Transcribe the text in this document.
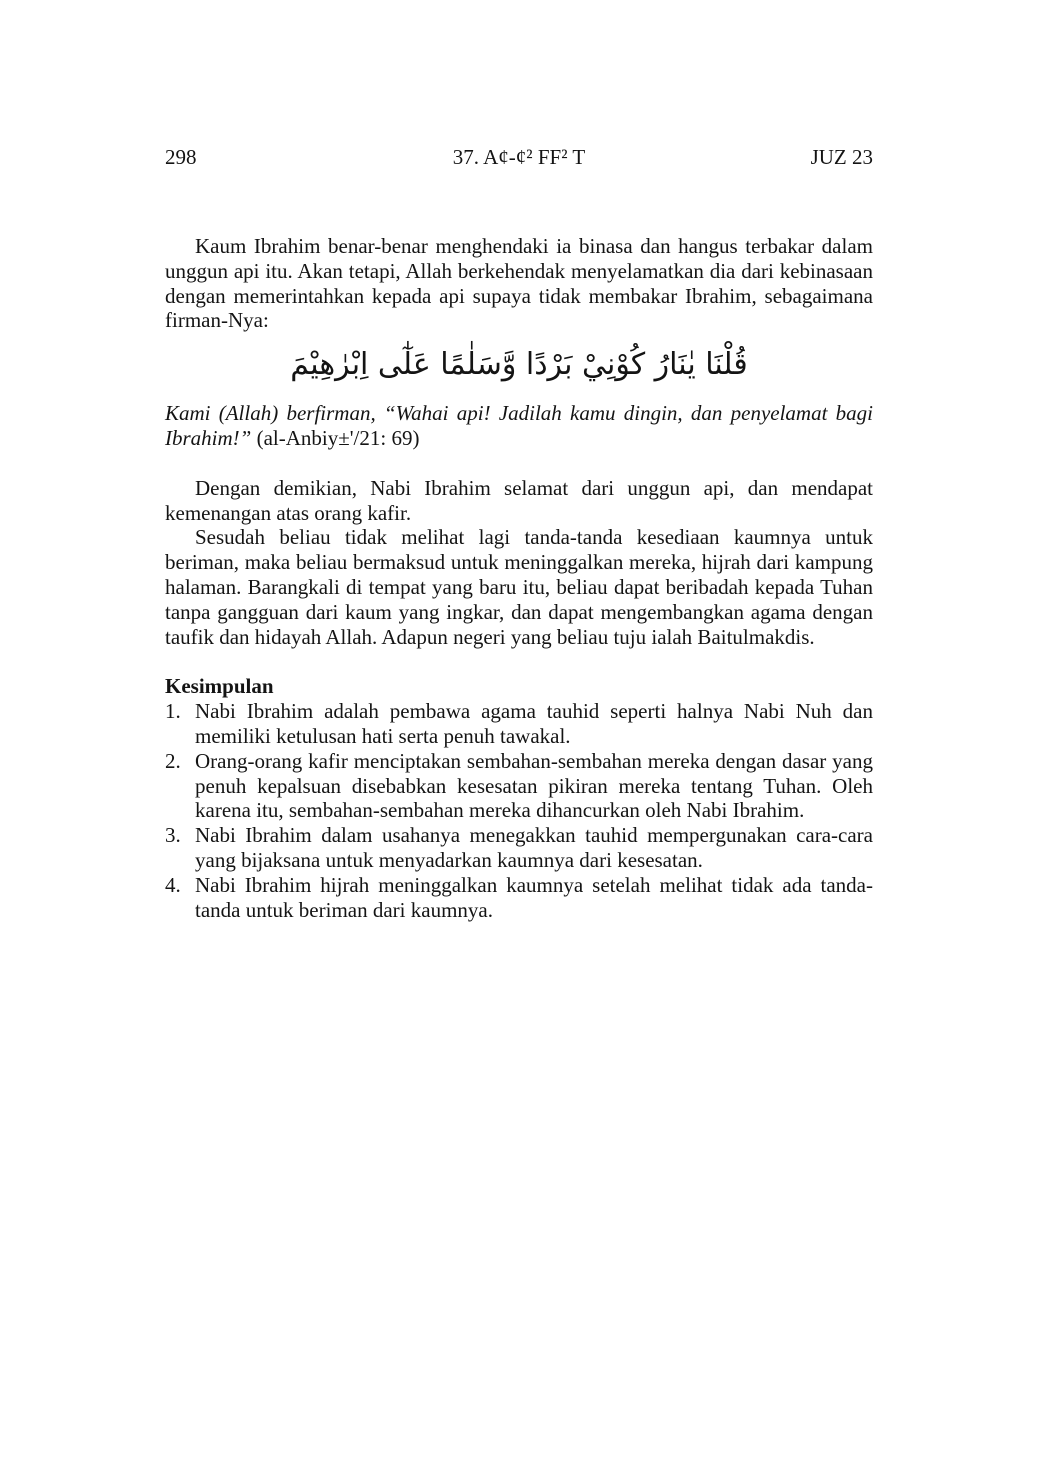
298	37. A¢-¢² FF² T	JUZ 23

Kaum Ibrahim benar-benar menghendaki ia binasa dan hangus terbakar dalam unggun api itu. Akan tetapi, Allah berkehendak menyelamatkan dia dari kebinasaan dengan memerintahkan kepada api supaya tidak membakar Ibrahim, sebagaimana firman-Nya:

قُلْنَا يٰنَارُ كُوْنِيْ بَرْدًا وَّسَلٰمًا عَلٰٓى اِبْرٰهِيْمَ

Kami (Allah) berfirman, “Wahai api! Jadilah kamu dingin, dan penyelamat bagi Ibrahim!” (al-Anbiy±'/21: 69)

Dengan demikian, Nabi Ibrahim selamat dari unggun api, dan mendapat kemenangan atas orang kafir.

Sesudah beliau tidak melihat lagi tanda-tanda kesediaan kaumnya untuk beriman, maka beliau bermaksud untuk meninggalkan mereka, hijrah dari kampung halaman. Barangkali di tempat yang baru itu, beliau dapat beribadah kepada Tuhan tanpa gangguan dari kaum yang ingkar, dan dapat mengembangkan agama dengan taufik dan hidayah Allah. Adapun negeri yang beliau tuju ialah Baitulmakdis.

Kesimpulan

1. Nabi Ibrahim adalah pembawa agama tauhid seperti halnya Nabi Nuh dan memiliki ketulusan hati serta penuh tawakal.
2. Orang-orang kafir menciptakan sembahan-sembahan mereka dengan dasar yang penuh kepalsuan disebabkan kesesatan pikiran mereka tentang Tuhan. Oleh karena itu, sembahan-sembahan mereka dihancurkan oleh Nabi Ibrahim.
3. Nabi Ibrahim dalam usahanya menegakkan tauhid mempergunakan cara-cara yang bijaksana untuk menyadarkan kaumnya dari kesesatan.
4. Nabi Ibrahim hijrah meninggalkan kaumnya setelah melihat tidak ada tanda-tanda untuk beriman dari kaumnya.
